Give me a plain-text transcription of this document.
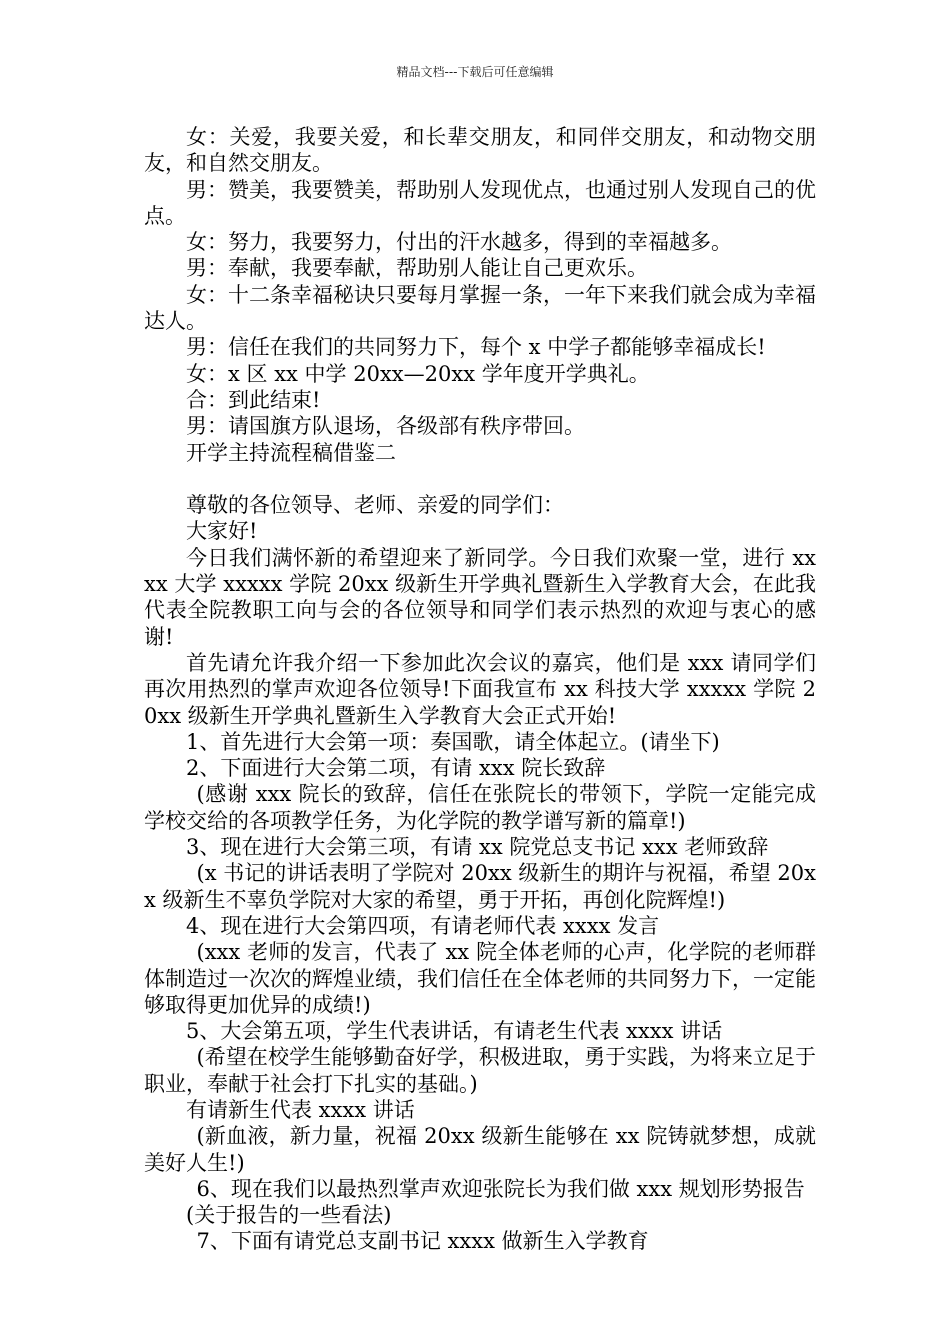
精品文档---下载后可任意编辑

女：关爱，我要关爱，和长辈交朋友，和同伴交朋友，和动物交朋友，和自然交朋友。

男：赞美，我要赞美，帮助别人发现优点，也通过别人发现自己的优点。

女：努力，我要努力，付出的汗水越多，得到的幸福越多。

男：奉献，我要奉献，帮助别人能让自己更欢乐。

女：十二条幸福秘诀只要每月掌握一条，一年下来我们就会成为幸福达人。

男：信任在我们的共同努力下，每个 x 中学子都能够幸福成长!

女：x 区 xx 中学 20xx—20xx 学年度开学典礼。

合：到此结束!

男：请国旗方队退场，各级部有秩序带回。

开学主持流程稿借鉴二

尊敬的各位领导、老师、亲爱的同学们：

大家好!

今日我们满怀新的希望迎来了新同学。今日我们欢聚一堂，进行 xxxx 大学 xxxxx 学院 20xx 级新生开学典礼暨新生入学教育大会，在此我代表全院教职工向与会的各位领导和同学们表示热烈的欢迎与衷心的感谢!

首先请允许我介绍一下参加此次会议的嘉宾，他们是 xxx 请同学们再次用热烈的掌声欢迎各位领导!下面我宣布 xx 科技大学 xxxxx 学院 20xx 级新生开学典礼暨新生入学教育大会正式开始!

1、首先进行大会第一项：奏国歌，请全体起立。(请坐下)

2、下面进行大会第二项，有请 xxx 院长致辞

(感谢 xxx 院长的致辞，信任在张院长的带领下，学院一定能完成学校交给的各项教学任务，为化学院的教学谱写新的篇章!)

3、现在进行大会第三项，有请 xx 院党总支书记 xxx 老师致辞

(x 书记的讲话表明了学院对 20xx 级新生的期许与祝福，希望 20xx 级新生不辜负学院对大家的希望，勇于开拓，再创化院辉煌!)

4、现在进行大会第四项，有请老师代表 xxxx 发言

(xxx 老师的发言，代表了 xx 院全体老师的心声，化学院的老师群体制造过一次次的辉煌业绩，我们信任在全体老师的共同努力下，一定能够取得更加优异的成绩!)

5、大会第五项，学生代表讲话，有请老生代表 xxxx 讲话

(希望在校学生能够勤奋好学，积极进取，勇于实践，为将来立足于职业，奉献于社会打下扎实的基础。)

有请新生代表 xxxx 讲话

(新血液，新力量，祝福 20xx 级新生能够在 xx 院铸就梦想，成就美好人生!)

6、现在我们以最热烈掌声欢迎张院长为我们做 xxx 规划形势报告

(关于报告的一些看法)

7、下面有请党总支副书记 xxxx 做新生入学教育
